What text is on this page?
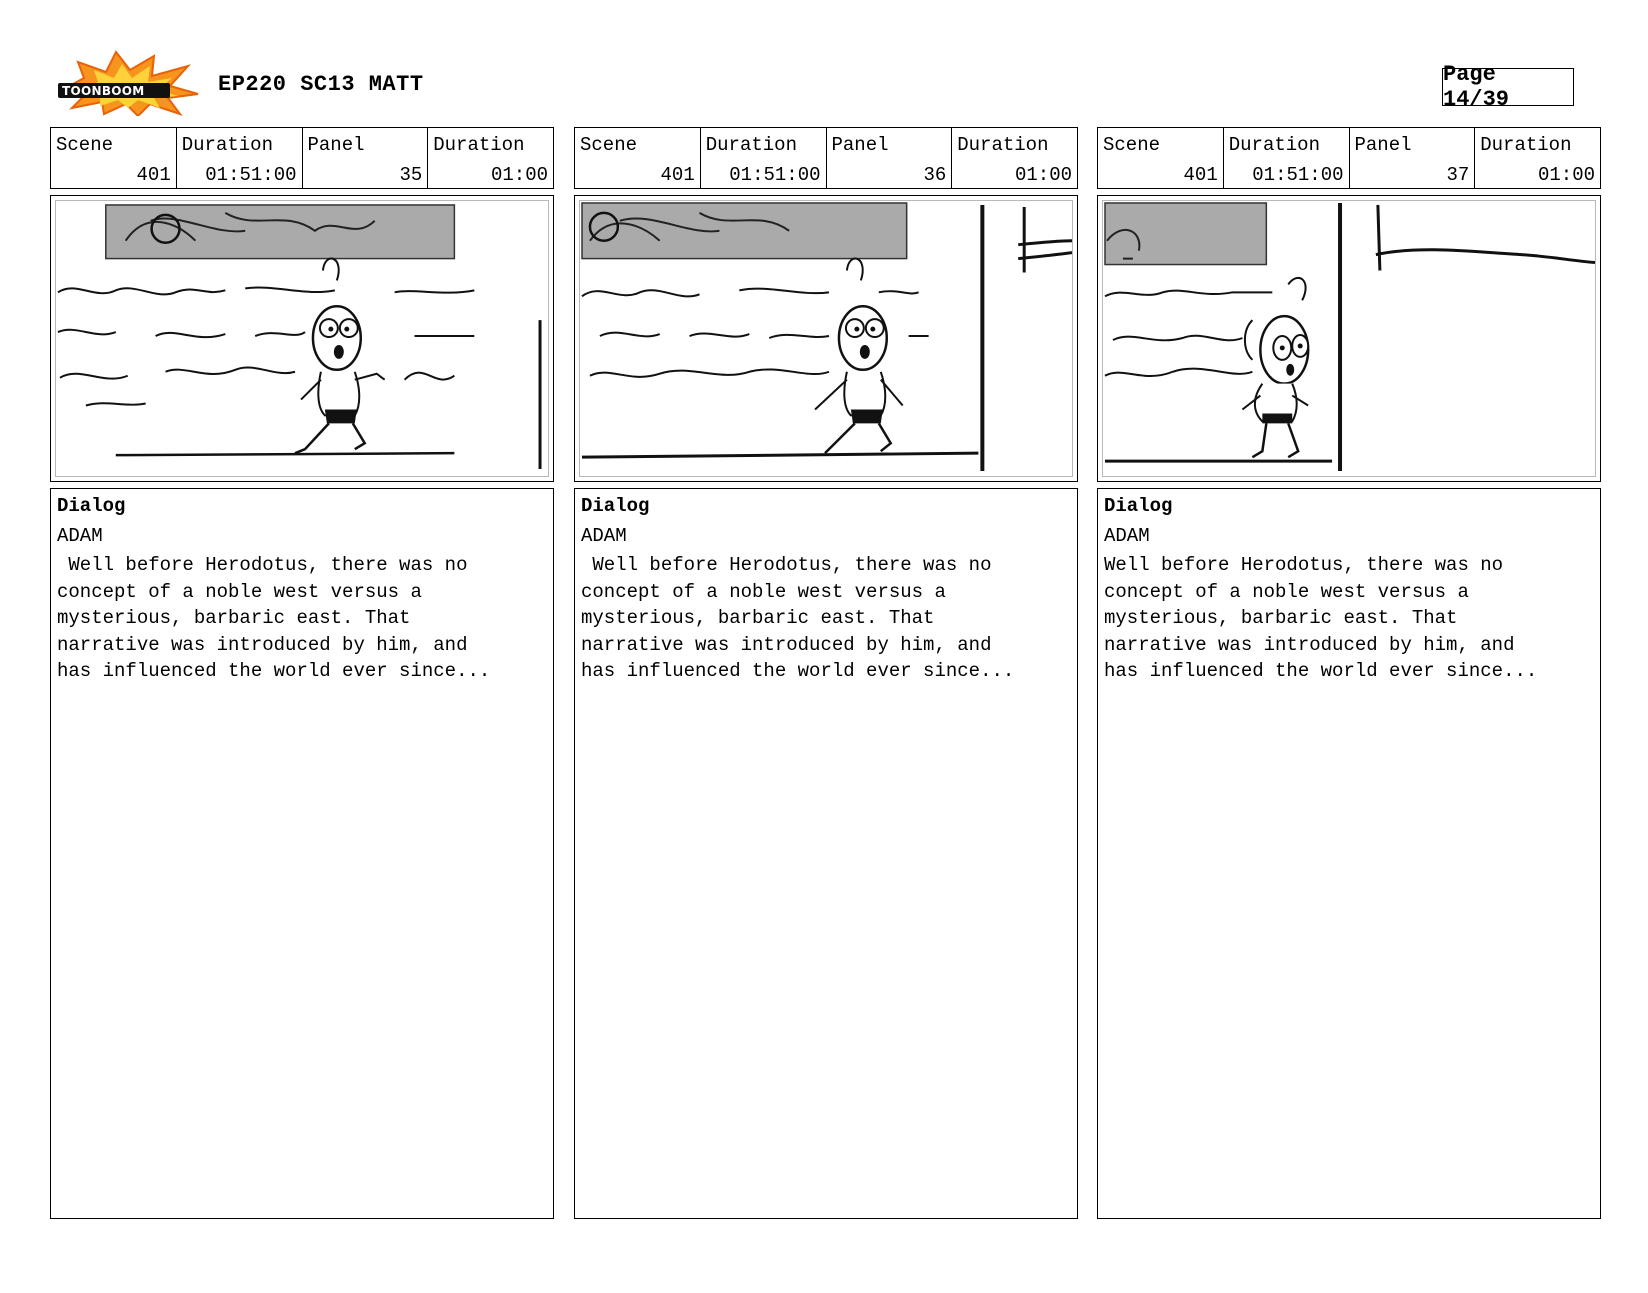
TOONBOOM	EP220 SC13 MATT	Page 14/39
Scene
401
Duration
01:51:00
Panel
35
Duration
01:00
Dialog
ADAM
Well before Herodotus, there was no
concept of a noble west versus a
mysterious, barbaric east. That
narrative was introduced by him, and
has influenced the world ever since...
Scene
401
Duration
01:51:00
Panel
36
Duration
01:00
Dialog
ADAM
Well before Herodotus, there was no
concept of a noble west versus a
mysterious, barbaric east. That
narrative was introduced by him, and
has influenced the world ever since...
Scene
401
Duration
01:51:00
Panel
37
Duration
01:00
Dialog
ADAM
Well before Herodotus, there was no
concept of a noble west versus a
mysterious, barbaric east. That
narrative was introduced by him, and
has influenced the world ever since...
